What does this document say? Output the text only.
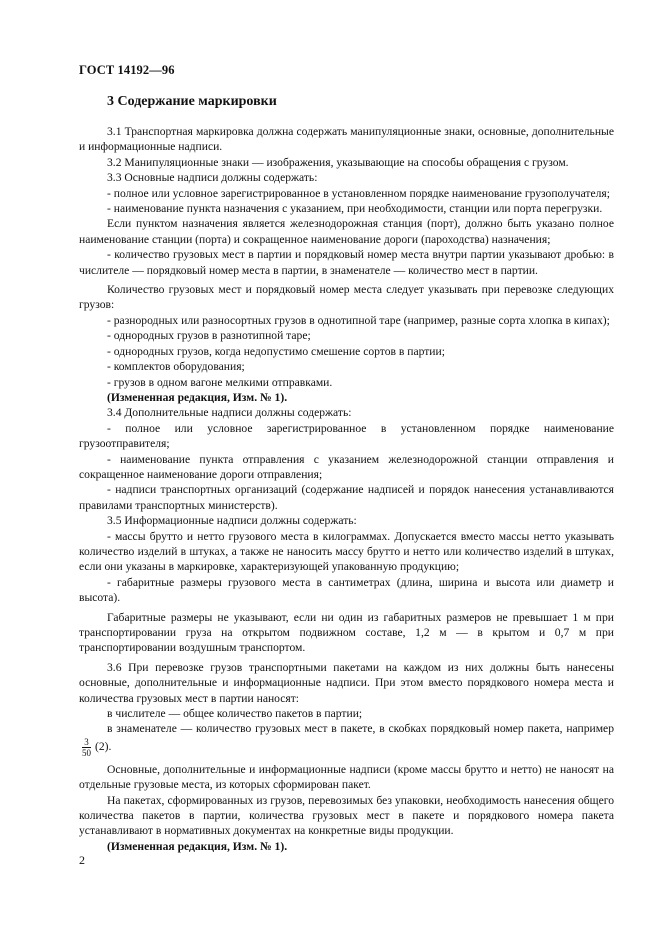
ГОСТ 14192—96
3 Содержание маркировки

3.1 Транспортная маркировка должна содержать манипуляционные знаки, основные, дополнительные и информационные надписи.

3.2 Манипуляционные знаки — изображения, указывающие на способы обращения с грузом.

3.3 Основные надписи должны содержать:

- полное или условное зарегистрированное в установленном порядке наименование грузополучателя;

- наименование пункта назначения с указанием, при необходимости, станции или порта перегрузки.

Если пунктом назначения является железнодорожная станция (порт), должно быть указано полное наименование станции (порта) и сокращенное наименование дороги (пароходства) назначения;

- количество грузовых мест в партии и порядковый номер места внутри партии указывают дробью: в числителе — порядковый номер места в партии, в знаменателе — количество мест в партии.

Количество грузовых мест и порядковый номер места следует указывать при перевозке следующих грузов:

- разнородных или разносортных грузов в однотипной таре (например, разные сорта хлопка в кипах);

- однородных грузов в разнотипной таре;

- однородных грузов, когда недопустимо смешение сортов в партии;

- комплектов оборудования;

- грузов в одном вагоне мелкими отправками.

(Измененная редакция, Изм. № 1).

3.4 Дополнительные надписи должны содержать:

- полное или условное зарегистрированное в установленном порядке наименование грузоотправителя;

- наименование пункта отправления с указанием железнодорожной станции отправления и сокращенное наименование дороги отправления;

- надписи транспортных организаций (содержание надписей и порядок нанесения устанавливаются правилами транспортных министерств).

3.5 Информационные надписи должны содержать:

- массы брутто и нетто грузового места в килограммах. Допускается вместо массы нетто указывать количество изделий в штуках, а также не наносить массу брутто и нетто или количество изделий в штуках, если они указаны в маркировке, характеризующей упакованную продукцию;

- габаритные размеры грузового места в сантиметрах (длина, ширина и высота или диаметр и высота).

Габаритные размеры не указывают, если ни один из габаритных размеров не превышает 1 м при транспортировании груза на открытом подвижном составе, 1,2 м — в крытом и 0,7 м при транспортировании воздушным транспортом.

3.6 При перевозке грузов транспортными пакетами на каждом из них должны быть нанесены основные, дополнительные и информационные надписи. При этом вместо порядкового номера места и количества грузовых мест в партии наносят:

в числителе — общее количество пакетов в партии;

в знаменателе — количество грузовых мест в пакете, в скобках порядковый номер пакета, например
$\frac{3}{50} (2)$.

Основные, дополнительные и информационные надписи (кроме массы брутто и нетто) не наносят на отдельные грузовые места, из которых сформирован пакет.

На пакетах, сформированных из грузов, перевозимых без упаковки, необходимость нанесения общего количества пакетов в партии, количества грузовых мест в пакете и порядкового номера пакета устанавливают в нормативных документах на конкретные виды продукции.

(Измененная редакция, Изм. № 1).

2
